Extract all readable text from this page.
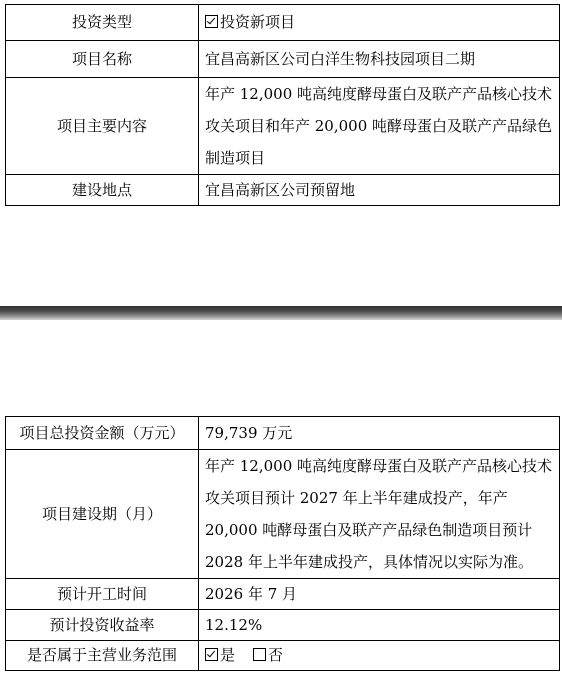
投资类型	投资新项目
项目名称	宜昌高新区公司白洋生物科技园项目二期
项目主要内容	年产 12,000 吨高纯度酵母蛋白及联产产品核心技术攻关项目和年产 20,000 吨酵母蛋白及联产产品绿色制造项目
建设地点	宜昌高新区公司预留地
项目总投资金额（万元）	79,739 万元
项目建设期（月）	年产 12,000 吨高纯度酵母蛋白及联产产品核心技术攻关项目预计 2027 年上半年建成投产，年产 20,000 吨酵母蛋白及联产产品绿色制造项目预计 2028 年上半年建成投产，具体情况以实际为准。
预计开工时间	2026 年 7 月
预计投资收益率	12.12%
是否属于主营业务范围	是 否
